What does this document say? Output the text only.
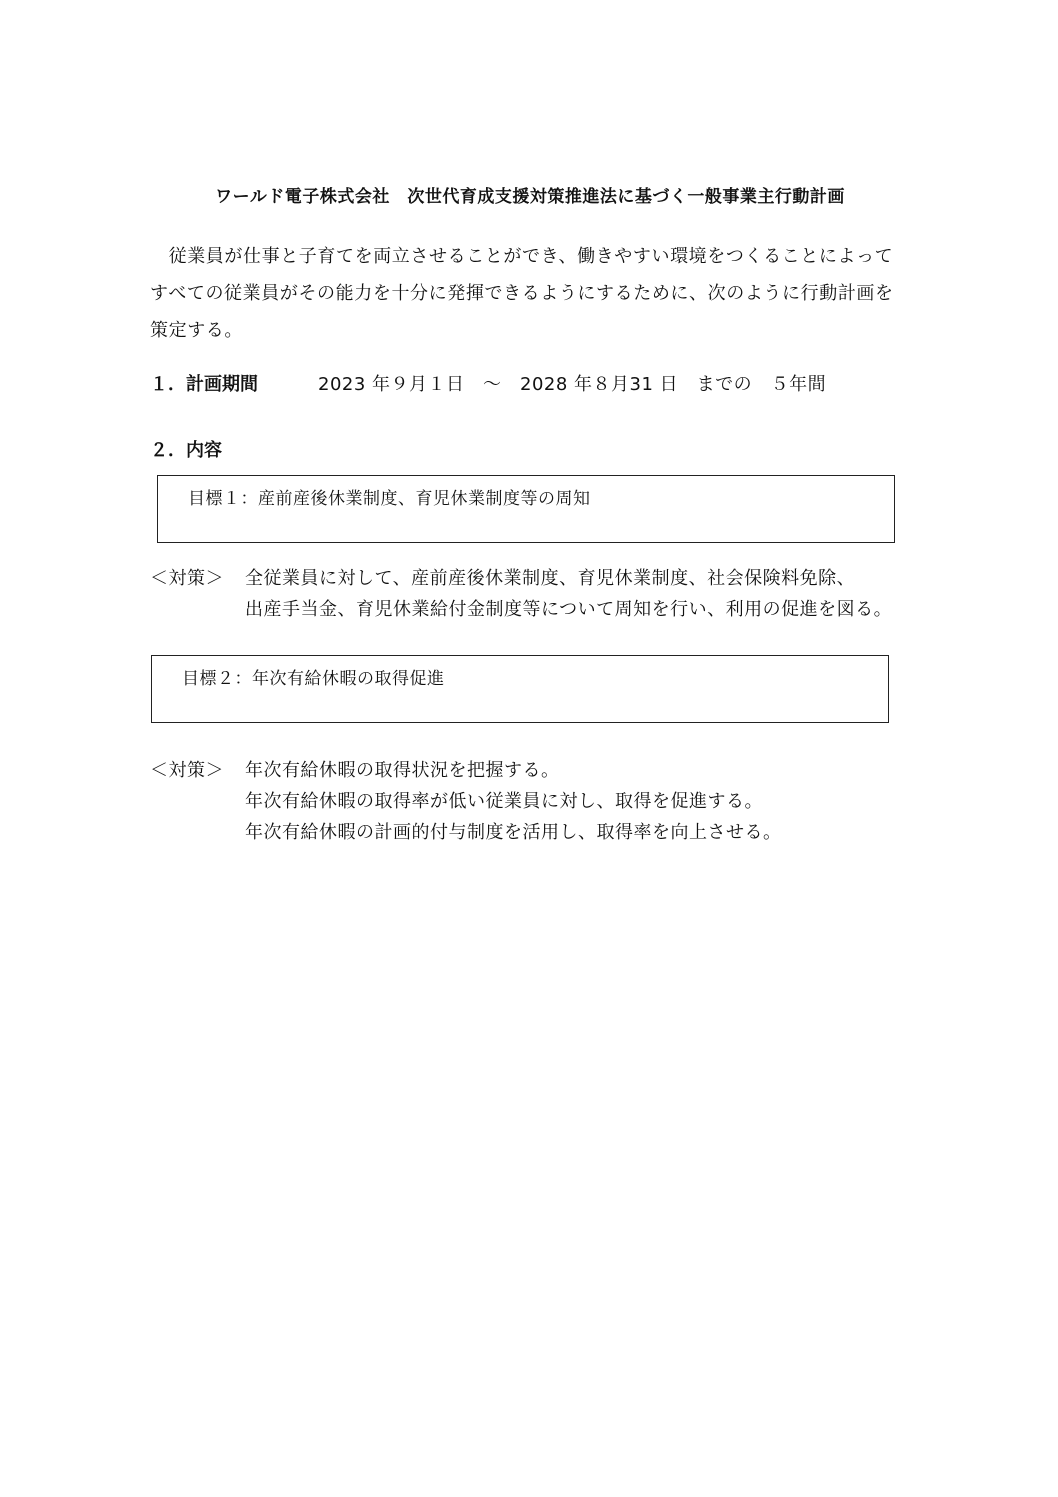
ワールド電子株式会社　次世代育成支援対策推進法に基づく一般事業主行動計画

　従業員が仕事と子育てを両立させることができ、働きやすい環境をつくることによって

すべての従業員がその能力を十分に発揮できるようにするために、次のように行動計画を

策定する。

１．計画期間	2023 年９月１日　～　2028 年８月31 日　までの　５年間
２．内容
目標１：産前産後休業制度、育児休業制度等の周知
＜対策＞ 全従業員に対して、産前産後休業制度、育児休業制度、社会保険料免除、
出産手当金、育児休業給付金制度等について周知を行い、利用の促進を図る。
目標２：年次有給休暇の取得促進
＜対策＞ 年次有給休暇の取得状況を把握する。
年次有給休暇の取得率が低い従業員に対し、取得を促進する。
年次有給休暇の計画的付与制度を活用し、取得率を向上させる。
